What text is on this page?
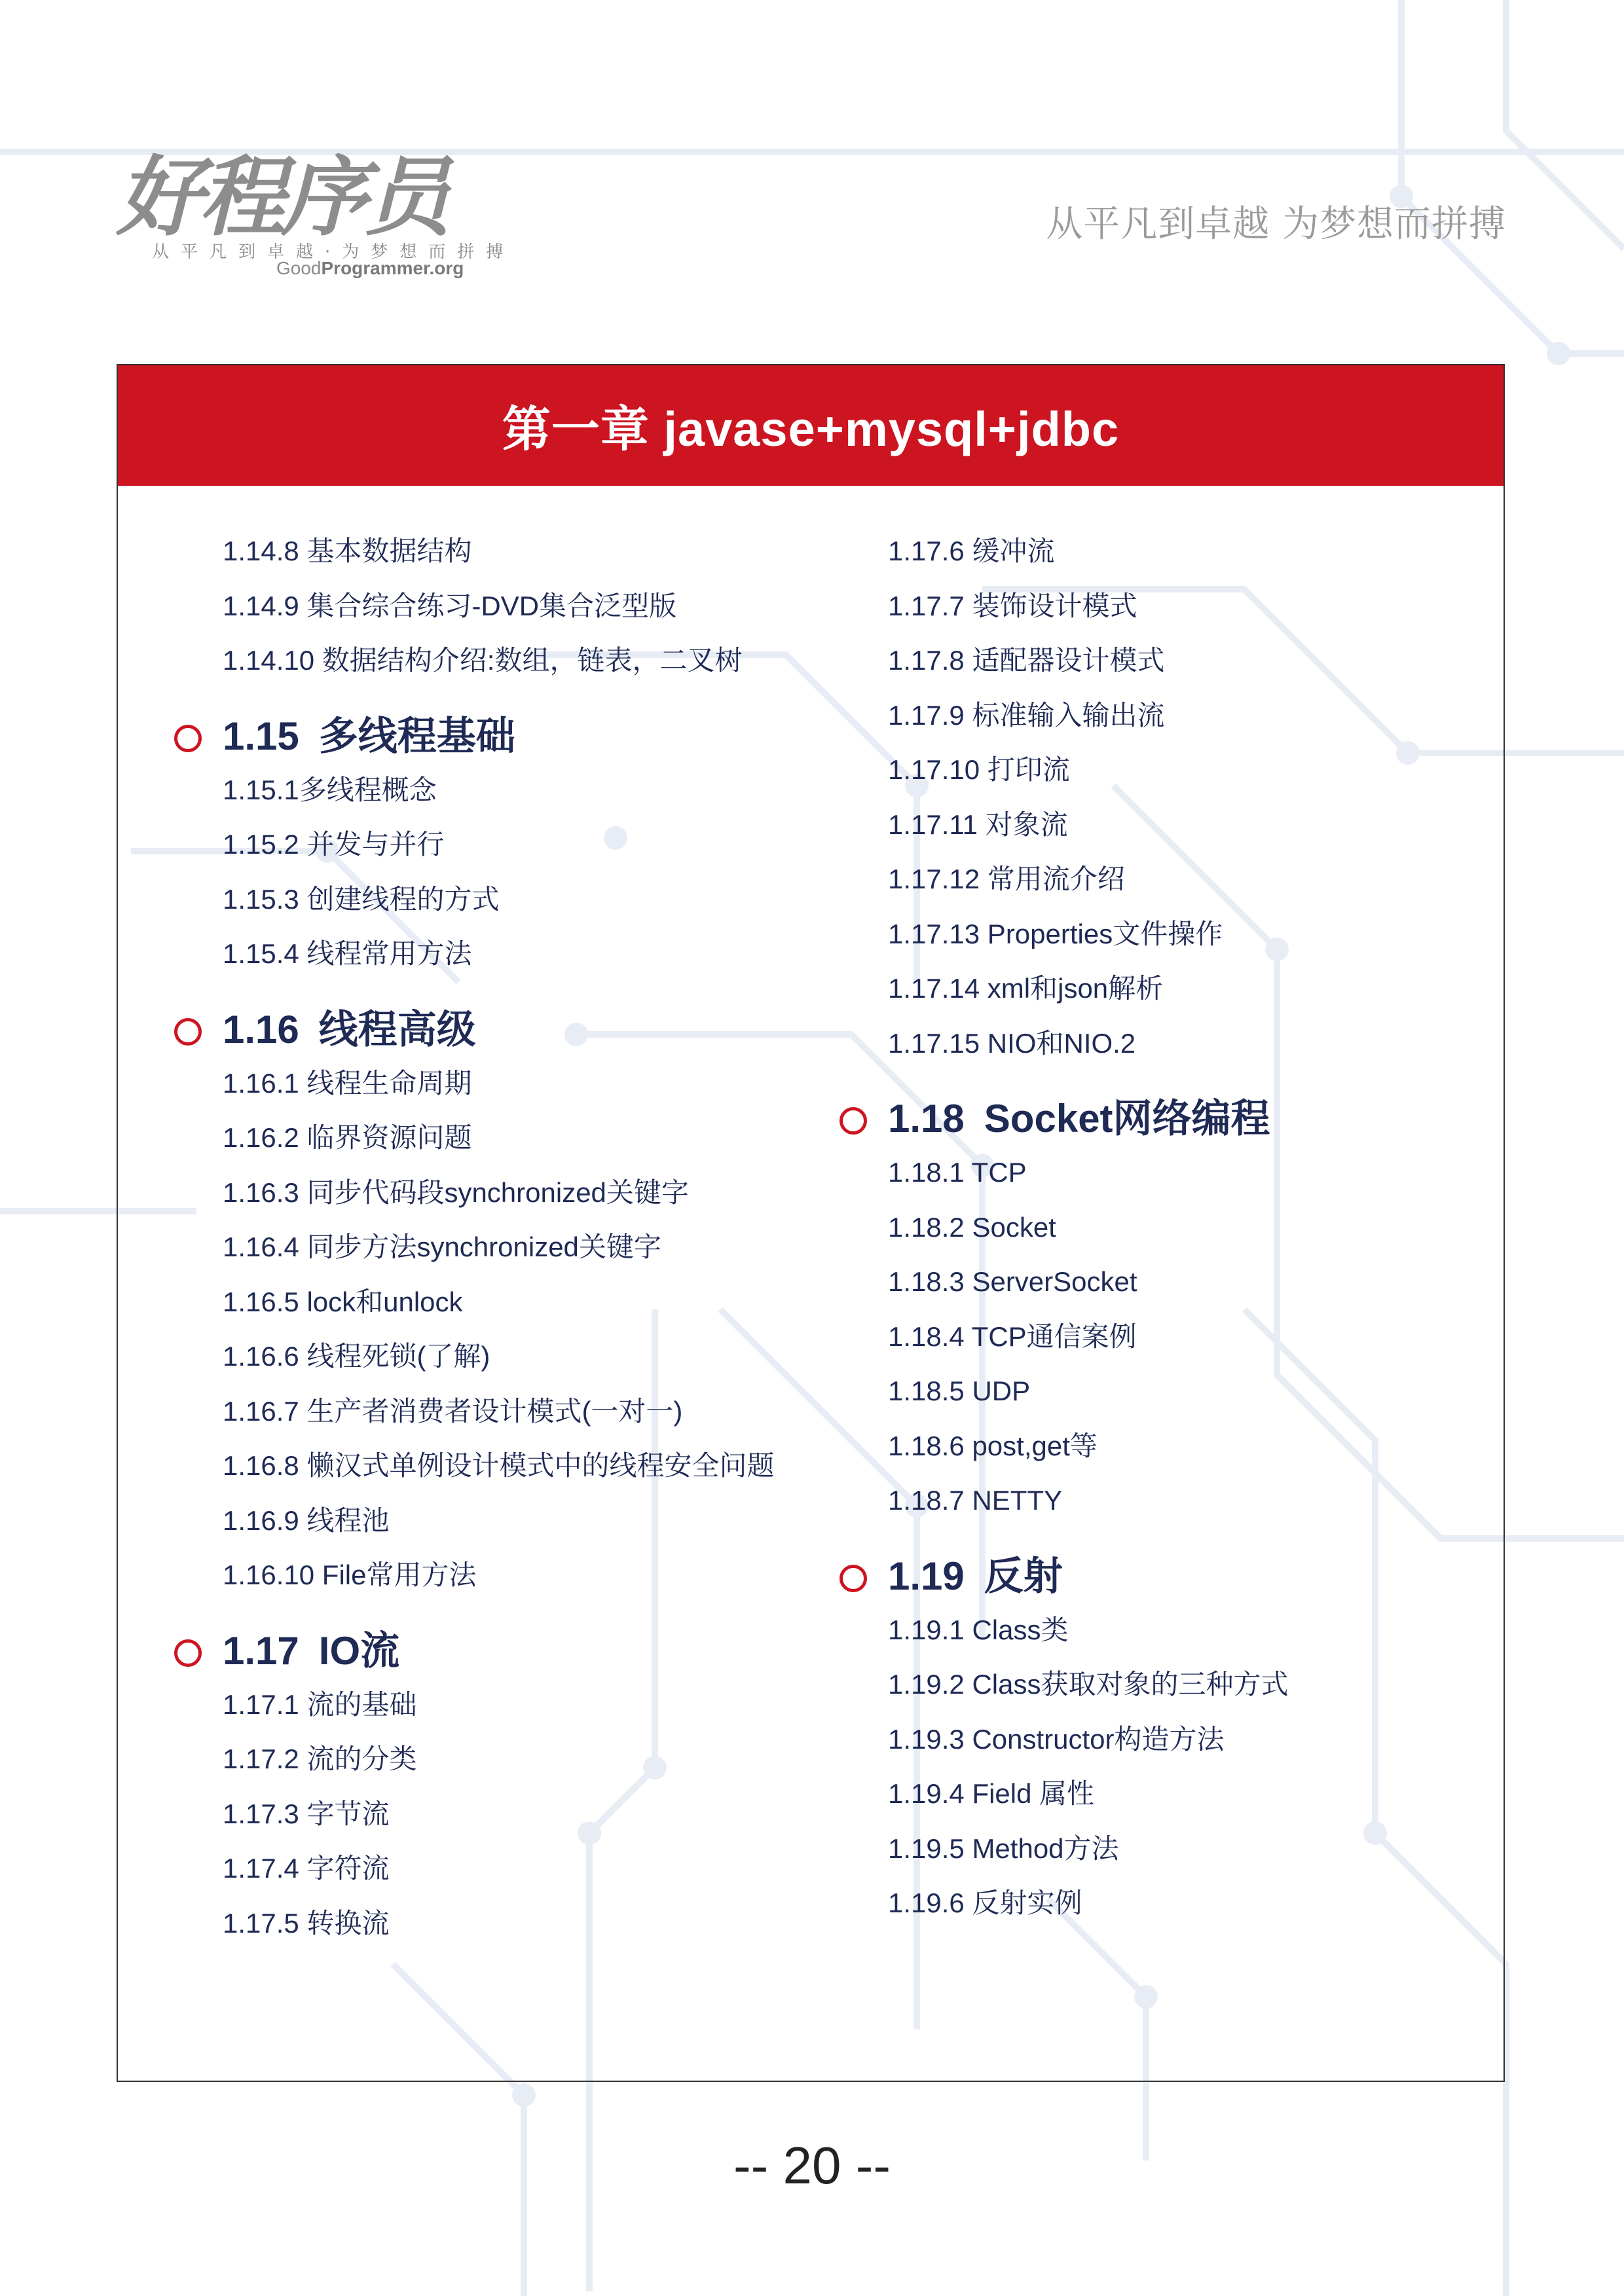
好程序员
从平凡到卓越·为梦想而拼搏
GoodProgrammer.org
从平凡到卓越 为梦想而拼搏
第一章 javase+mysql+jdbc
1.14.8 基本数据结构
1.14.9 集合综合练习-DVD集合泛型版
1.14.10 数据结构介绍:数组，链表，二叉树
1.15 多线程基础
1.15.1多线程概念
1.15.2 并发与并行
1.15.3 创建线程的方式
1.15.4 线程常用方法
1.16 线程高级
1.16.1 线程生命周期
1.16.2 临界资源问题
1.16.3 同步代码段synchronized关键字
1.16.4 同步方法synchronized关键字
1.16.5 lock和unlock
1.16.6 线程死锁(了解)
1.16.7 生产者消费者设计模式(一对一)
1.16.8 懒汉式单例设计模式中的线程安全问题
1.16.9 线程池
1.16.10 File常用方法
1.17 IO流
1.17.1 流的基础
1.17.2 流的分类
1.17.3 字节流
1.17.4 字符流
1.17.5 转换流
1.17.6 缓冲流
1.17.7 装饰设计模式
1.17.8 适配器设计模式
1.17.9 标准输入输出流
1.17.10 打印流
1.17.11 对象流
1.17.12 常用流介绍
1.17.13 Properties文件操作
1.17.14 xml和json解析
1.17.15 NIO和NIO.2
1.18 Socket网络编程
1.18.1 TCP
1.18.2 Socket
1.18.3 ServerSocket
1.18.4 TCP通信案例
1.18.5 UDP
1.18.6 post,get等
1.18.7 NETTY
1.19 反射
1.19.1 Class类
1.19.2 Class获取对象的三种方式
1.19.3 Constructor构造方法
1.19.4 Field 属性
1.19.5 Method方法
1.19.6 反射实例
-- 20 --
